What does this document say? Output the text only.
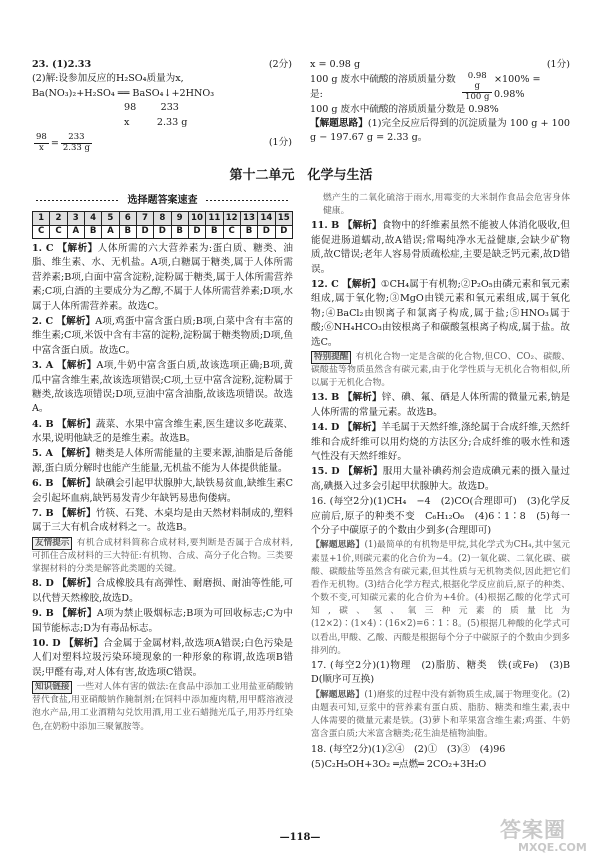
23. (1)2.33	(2分)
(2)解:设参加反应的H₂SO₄质量为x,
Ba(NO₃)₂+H₂SO₄ ══ BaSO₄↓+2HNO₃
98        233
x         2.33 g
$\frac{98}{x} = \frac{233}{2.33 g}$	(1分)
x = 0.98 g	(1分)
100 g 废水中硫酸的溶质质量分数是:	$\frac{0.98 g}{100 g} \times 100\% = 0.98\%$
100 g 废水中硫酸的溶质质量分数是 0.98%
【解题思路】(1)完全反应后得到的沉淀质量为 100 g + 100 g − 197.67 g = 2.33 g。
第十二单元　化学与生活
选择题答案速查
1	2	3	4	5	6	7	8	9	10	11	12	13	14	15
C	C	A	B	A	B	D	D	B	D	B	C	B	D	D
1. C 【解析】人体所需的六大营养素为:蛋白质、糖类、油脂、维生素、水、无机盐。A项,白糖属于糖类,属于人体所需营养素;B项,白面中富含淀粉,淀粉属于糖类,属于人体所需营养素;C项,白酒的主要成分为乙醇,不属于人体所需营养素;D项,水属于人体所需营养素。故选C。
2. C 【解析】A项,鸡蛋中富含蛋白质;B项,白菜中含有丰富的维生素;C项,米饭中含有丰富的淀粉,淀粉属于糖类物质;D项,鱼中富含蛋白质。故选C。
3. A 【解析】A项,牛奶中富含蛋白质,故该选项正确;B项,黄瓜中富含维生素,故该选项错误;C项,土豆中富含淀粉,淀粉属于糖类,故该选项错误;D项,豆油中富含油脂,故该选项错误。故选A。
4. B 【解析】蔬菜、水果中富含维生素,医生建议多吃蔬菜、水果,说明他缺乏的是维生素。故选B。
5. A 【解析】糖类是人体所需能量的主要来源,油脂是后备能源,蛋白质分解时也能产生能量,无机盐不能为人体提供能量。
6. B 【解析】缺碘会引起甲状腺肿大,缺铁易贫血,缺维生素C会引起坏血病,缺钙易发青少年缺钙易患佝偻病。
7. B 【解析】竹筷、石凳、木桌均是由天然材料制成的,塑料属于三大有机合成材料之一。故选B。
友情提示 有机合成材料简称合成材料,要判断是否属于合成材料,可抓住合成材料的三大特征:有机物、合成、高分子化合物。三类要掌握材料的分类是解答此类题的关键。
8. D 【解析】合成橡胶具有高弹性、耐磨损、耐油等性能,可以代替天然橡胶,故选D。
9. B 【解析】A项为禁止吸烟标志;B项为可回收标志;C为中国节能标志;D为有毒品标志。
10. D 【解析】合金属于金属材料,故选项A错误;白色污染是人们对塑料垃圾污染环境现象的一种形象的称谓,故选项B错误;甲醛有毒,对人体有害,故选项C错误。
知识链接 一些对人体有害的做法:在食品中添加工业用盐亚硝酸钠替代食盐,用亚硝酸钠作腌制剂;在饲料中添加瘦肉精,用甲醛溶液浸泡水产品,用工业酒精勾兑饮用酒,用工业石蜡抛光瓜子,用苏丹红染色,在奶粉中添加三聚氰胺等。
燃产生的二氧化硫溶于雨水,用霉变的大米制作食品会危害身体健康。
11. B 【解析】食物中的纤维素虽然不能被人体消化吸收,但能促进肠道蠕动,故A错误;常喝纯净水无益健康,会缺少矿物质,故C错误;老年人容易骨质疏松症,主要是缺乏钙元素,故D错误。
12. C 【解析】①CH₄属于有机物;②P₂O₅由磷元素和氧元素组成,属于氧化物;③MgO由镁元素和氧元素组成,属于氧化物;④BaCl₂由钡离子和氯离子构成,属于盐;⑤HNO₃属于酸;⑥NH₄HCO₃由铵根离子和碳酸氢根离子构成,属于盐。故选C。
特别提醒 有机化合物一定是含碳的化合物,但CO、CO₂、碳酸、碳酸盐等物质虽然含有碳元素,由于化学性质与无机化合物相似,所以属于无机化合物。
13. B 【解析】锌、碘、氟、硒是人体所需的微量元素,钠是人体所需的常量元素。故选B。
14. D 【解析】羊毛属于天然纤维,涤纶属于合成纤维,天然纤维和合成纤维可以用灼烧的方法区分;合成纤维的吸水性和透气性没有天然纤维好。
15. D 【解析】服用大量补碘药剂会造成碘元素的摄入量过高,碘摄入过多会引起甲状腺肿大。故选D。
16. (每空2分)(1)CH₄　−4　(2)CO(合理即可)　(3)化学反应前后,原子的种类不变　C₆H₁₂O₆　(4)6∶1∶8　(5)每一个分子中碳原子的个数由少到多(合理即可)
【解题思路】(1)最简单的有机物是甲烷,其化学式为CH₄,其中氢元素显+1价,则碳元素的化合价为−4。(2)一氧化碳、二氧化碳、碳酸、碳酸盐等虽然含有碳元素,但其性质与无机物类似,因此把它们看作无机物。(3)结合化学方程式,根据化学反应前后,原子的种类、个数不变,可知碳元素的化合价为+4价。(4)根据乙酸的化学式可知,碳、氢、氧三种元素的质量比为(12×2)∶(1×4)∶(16×2)=6∶1∶8。(5)根据几种酸的化学式可以看出,甲酸、乙酸、丙酸是根据每个分子中碳原子的个数由少到多排列的。
17. (每空2分)(1)物理　(2)脂肪、糖类　铁(或Fe)　(3)B　D(顺序可互换)
【解题思路】(1)磨浆的过程中没有新物质生成,属于物理变化。(2)由题表可知,豆浆中的营养素有蛋白质、脂肪、糖类和维生素,表中人体需要的微量元素是铁。(3)萝卜和苹果富含维生素;鸡蛋、牛奶富含蛋白质;大米富含糖类;花生油是植物油脂。
18. (每空2分)(1)②④　(2)①　(3)③　(4)96
(5)C₂H₅OH+3O₂ ═点燃═ 2CO₂+3H₂O
—118—	答案圈
MXQE.COM
